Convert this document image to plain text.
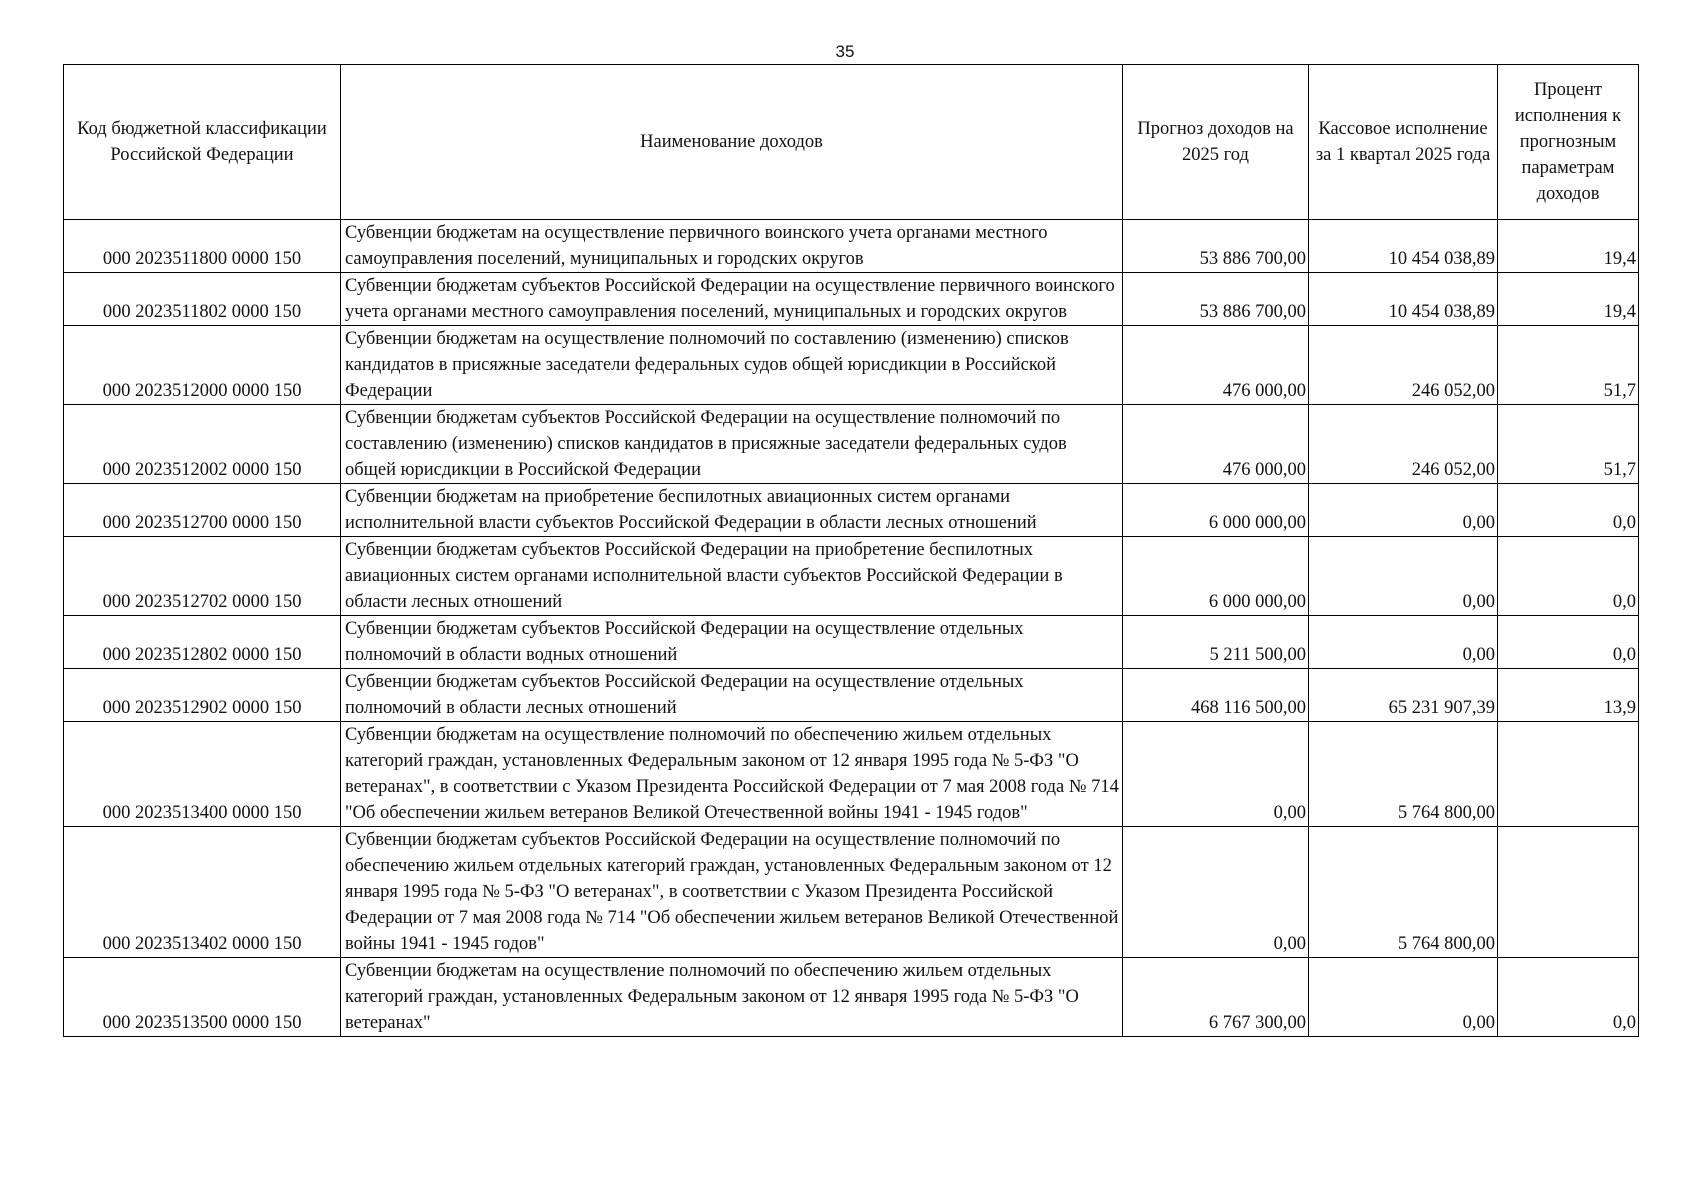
35
Код бюджетной классификации Российской Федерации	Наименование доходов	Прогноз доходов на 2025 год	Кассовое исполнение за 1 квартал 2025 года	Процент исполнения к прогнозным параметрам доходов
000 2023511800 0000 150	Субвенции бюджетам на осуществление первичного воинского учета органами местного самоуправления поселений, муниципальных и городских округов	53 886 700,00	10 454 038,89	19,4
000 2023511802 0000 150	Субвенции бюджетам субъектов Российской Федерации на осуществление первичного воинского учета органами местного самоуправления поселений, муниципальных и городских округов	53 886 700,00	10 454 038,89	19,4
000 2023512000 0000 150	Субвенции бюджетам на осуществление полномочий по составлению (изменению) списков кандидатов в присяжные заседатели федеральных судов общей юрисдикции в Российской Федерации	476 000,00	246 052,00	51,7
000 2023512002 0000 150	Субвенции бюджетам субъектов Российской Федерации на осуществление полномочий по составлению (изменению) списков кандидатов в присяжные заседатели федеральных судов общей юрисдикции в Российской Федерации	476 000,00	246 052,00	51,7
000 2023512700 0000 150	Субвенции бюджетам на приобретение беспилотных авиационных систем органами исполнительной власти субъектов Российской Федерации в области лесных отношений	6 000 000,00	0,00	0,0
000 2023512702 0000 150	Субвенции бюджетам субъектов Российской Федерации на приобретение беспилотных авиационных систем органами исполнительной власти субъектов Российской Федерации в области лесных отношений	6 000 000,00	0,00	0,0
000 2023512802 0000 150	Субвенции бюджетам субъектов Российской Федерации на осуществление отдельных полномочий в области водных отношений	5 211 500,00	0,00	0,0
000 2023512902 0000 150	Субвенции бюджетам субъектов Российской Федерации на осуществление отдельных полномочий в области лесных отношений	468 116 500,00	65 231 907,39	13,9
000 2023513400 0000 150	Субвенции бюджетам на осуществление полномочий по обеспечению жильем отдельных категорий граждан, установленных Федеральным законом от 12 января 1995 года № 5-ФЗ "О ветеранах", в соответствии с Указом Президента Российской Федерации от 7 мая 2008 года № 714 "Об обеспечении жильем ветеранов Великой Отечественной войны 1941 - 1945 годов"	0,00	5 764 800,00	
000 2023513402 0000 150	Субвенции бюджетам субъектов Российской Федерации на осуществление полномочий по обеспечению жильем отдельных категорий граждан, установленных Федеральным законом от 12 января 1995 года № 5-ФЗ "О ветеранах", в соответствии с Указом Президента Российской Федерации от 7 мая 2008 года № 714 "Об обеспечении жильем ветеранов Великой Отечественной войны 1941 - 1945 годов"	0,00	5 764 800,00	
000 2023513500 0000 150	Субвенции бюджетам на осуществление полномочий по обеспечению жильем отдельных категорий граждан, установленных Федеральным законом от 12 января 1995 года № 5-ФЗ "О ветеранах"	6 767 300,00	0,00	0,0
